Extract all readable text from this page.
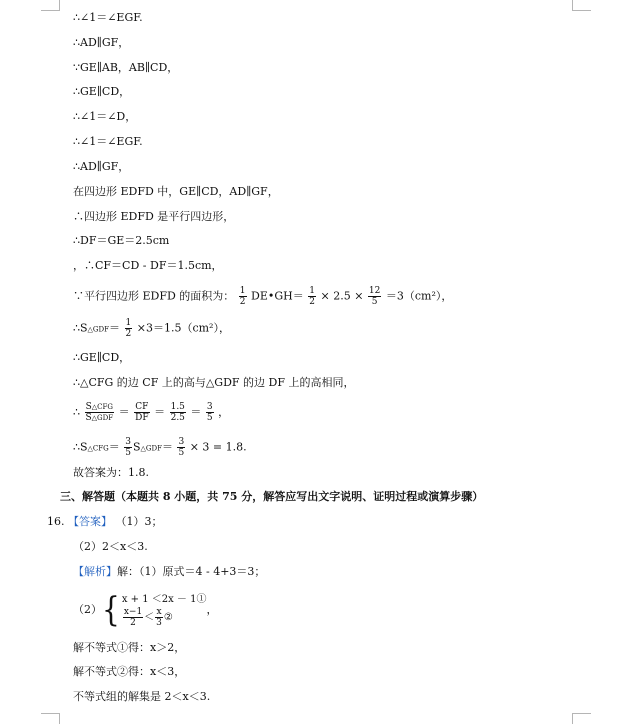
∴∠1＝∠EGF.
∴AD∥GF，
∵GE∥AB，AB∥CD，
∴GE∥CD，
∴∠1＝∠D，
∴∠1＝∠EGF.
∴AD∥GF，
在四边形 EDFD 中，GE∥CD，AD∥GF，
∴四边形 EDFD 是平行四边形，
∴DF＝GE＝2.5cm
，∴CF＝CD - DF＝1.5cm，
∵平行四边形 EDFD 的面积为： $\frac{1}{2}$ DE•GH＝ $\frac{1}{2} \times 2.5 \times \frac{12}{5} =3(cm^2)$，
∴S△GDF＝ $\frac{1}{2} \times 3=1.5(cm^2)$，
∴GE∥CD，
∴△CFG 的边 CF 上的高与△GDF 的边 DF 上的高相同，
∴ $\frac{\text{S△CFG}}{\text{S△GDF}} = \frac{CF}{DF} = \frac{1.5}{2.5} = \frac{3}{5}$ ，
∴S△CFG＝ $\frac{3}{5}$ S△GDF＝ $\frac{3}{5} \times 3 = 1.8$.
故答案为：1.8.
三、解答题（本题共 8 小题，共 75 分，解答应写出文字说明、证明过程或演算步骤）
16. 【答案】 （1）3；
（2）2＜x＜3.
【解析】解：（1）原式＝4 - 4+3＝3；
（2）{ x + 1 ＜2x － 1①
$\frac{x-1}{2} < \frac{x}{3}$ ②
，
解不等式①得：x＞2，
解不等式②得：x＜3，
不等式组的解集是 2＜x＜3.
